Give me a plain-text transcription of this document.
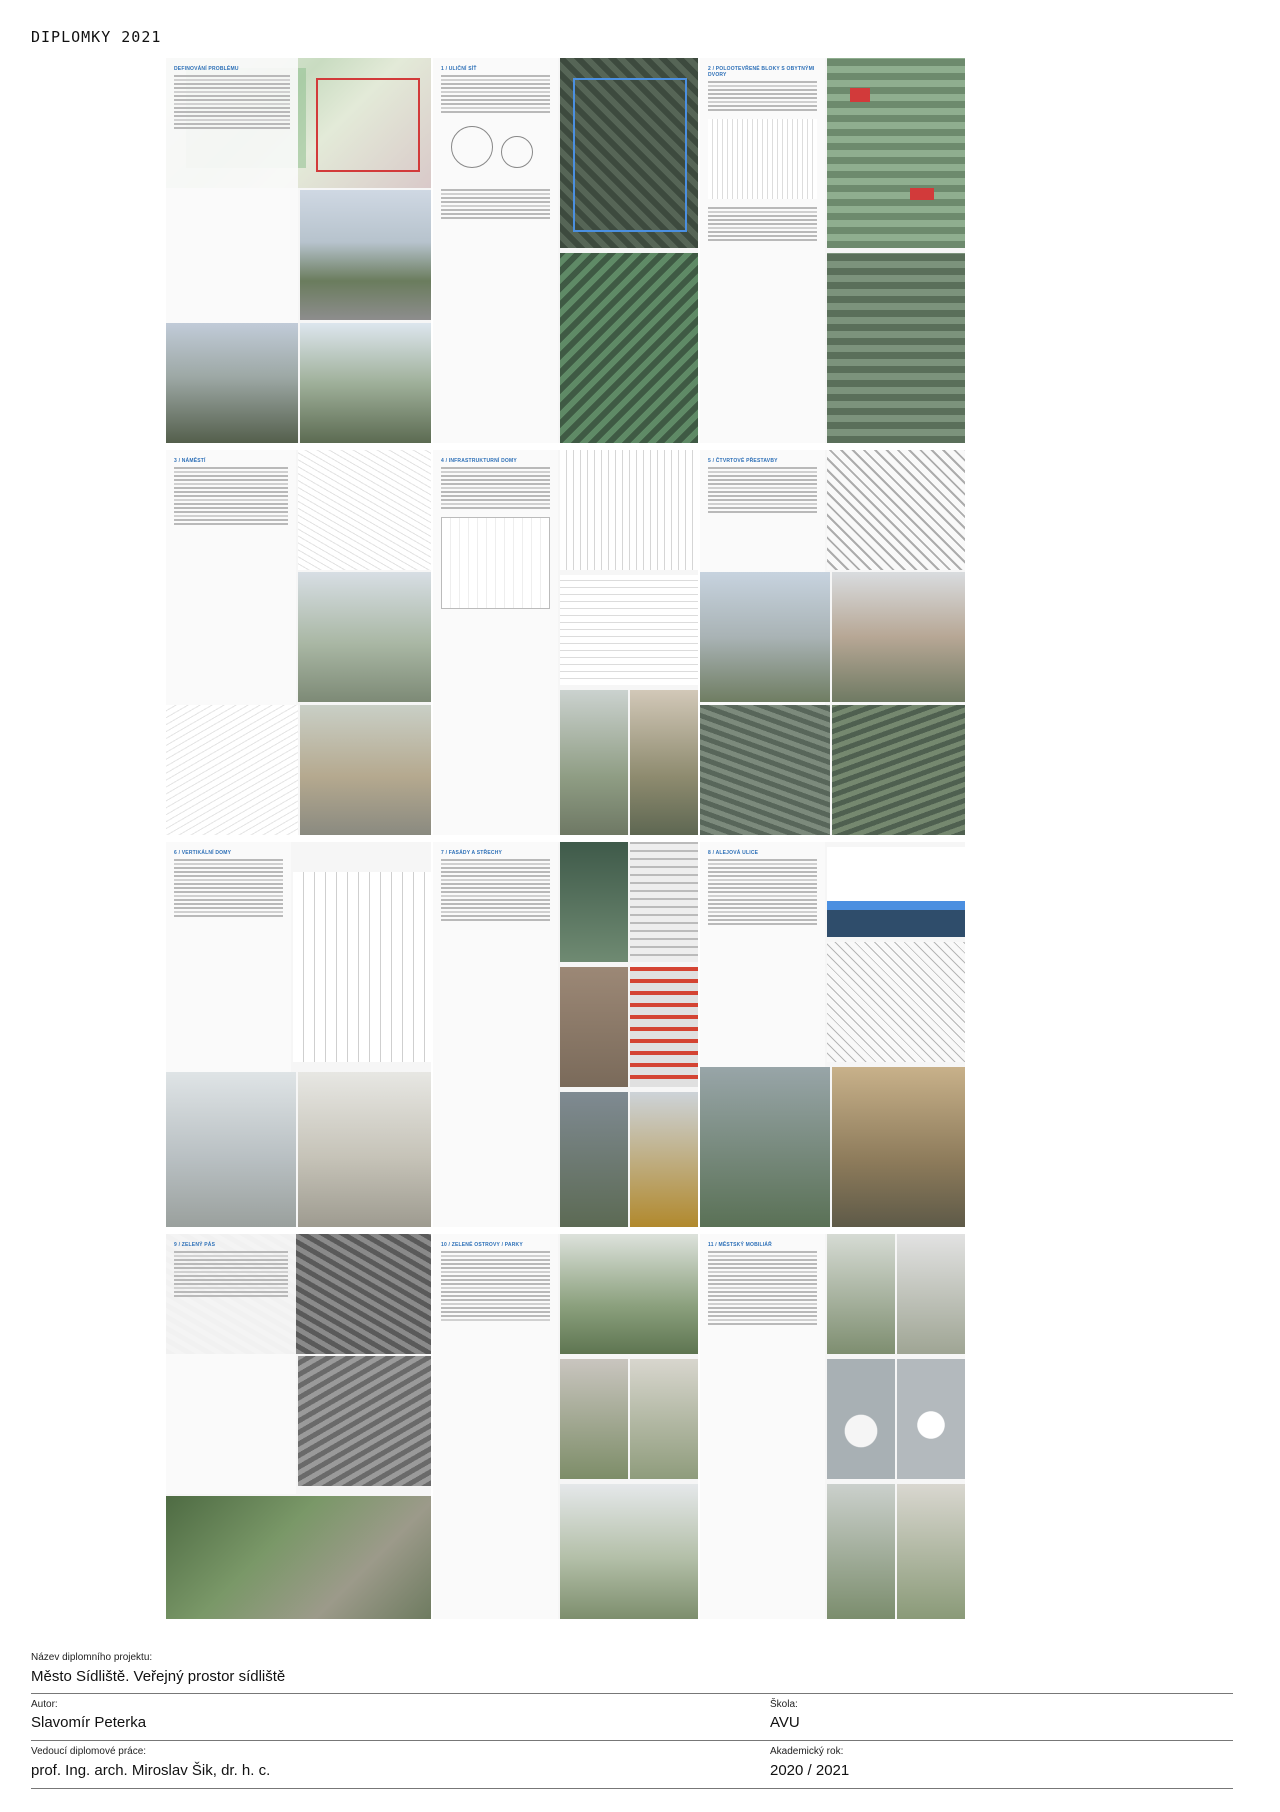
DIPLOMKY 2021
DEFINOVÁNÍ PROBLÉMU	1 / ULIČNÍ SÍŤ	2 / POLOOTEVŘENÉ BLOKY S OBYTNÝMI DVORY
3 / NÁMĚSTÍ	4 / INFRASTRUKTURNÍ DOMY	5 / ČTVRTOVÉ PŘESTAVBY
6 / VERTIKÁLNÍ DOMY	7 / FASÁDY A STŘECHY	8 / ALEJOVÁ ULICE
9 / ZELENÝ PÁS	10 / ZELENÉ OSTROVY / PARKY	11 / MĚSTSKÝ MOBILIÁŘ
Název diplomního projektu:
Město Sídliště. Veřejný prostor sídliště
Autor:
Slavomír Peterka
Škola:
AVU
Vedoucí diplomové práce:
prof. Ing. arch. Miroslav Šik, dr. h. c.
Akademický rok:
2020 / 2021
